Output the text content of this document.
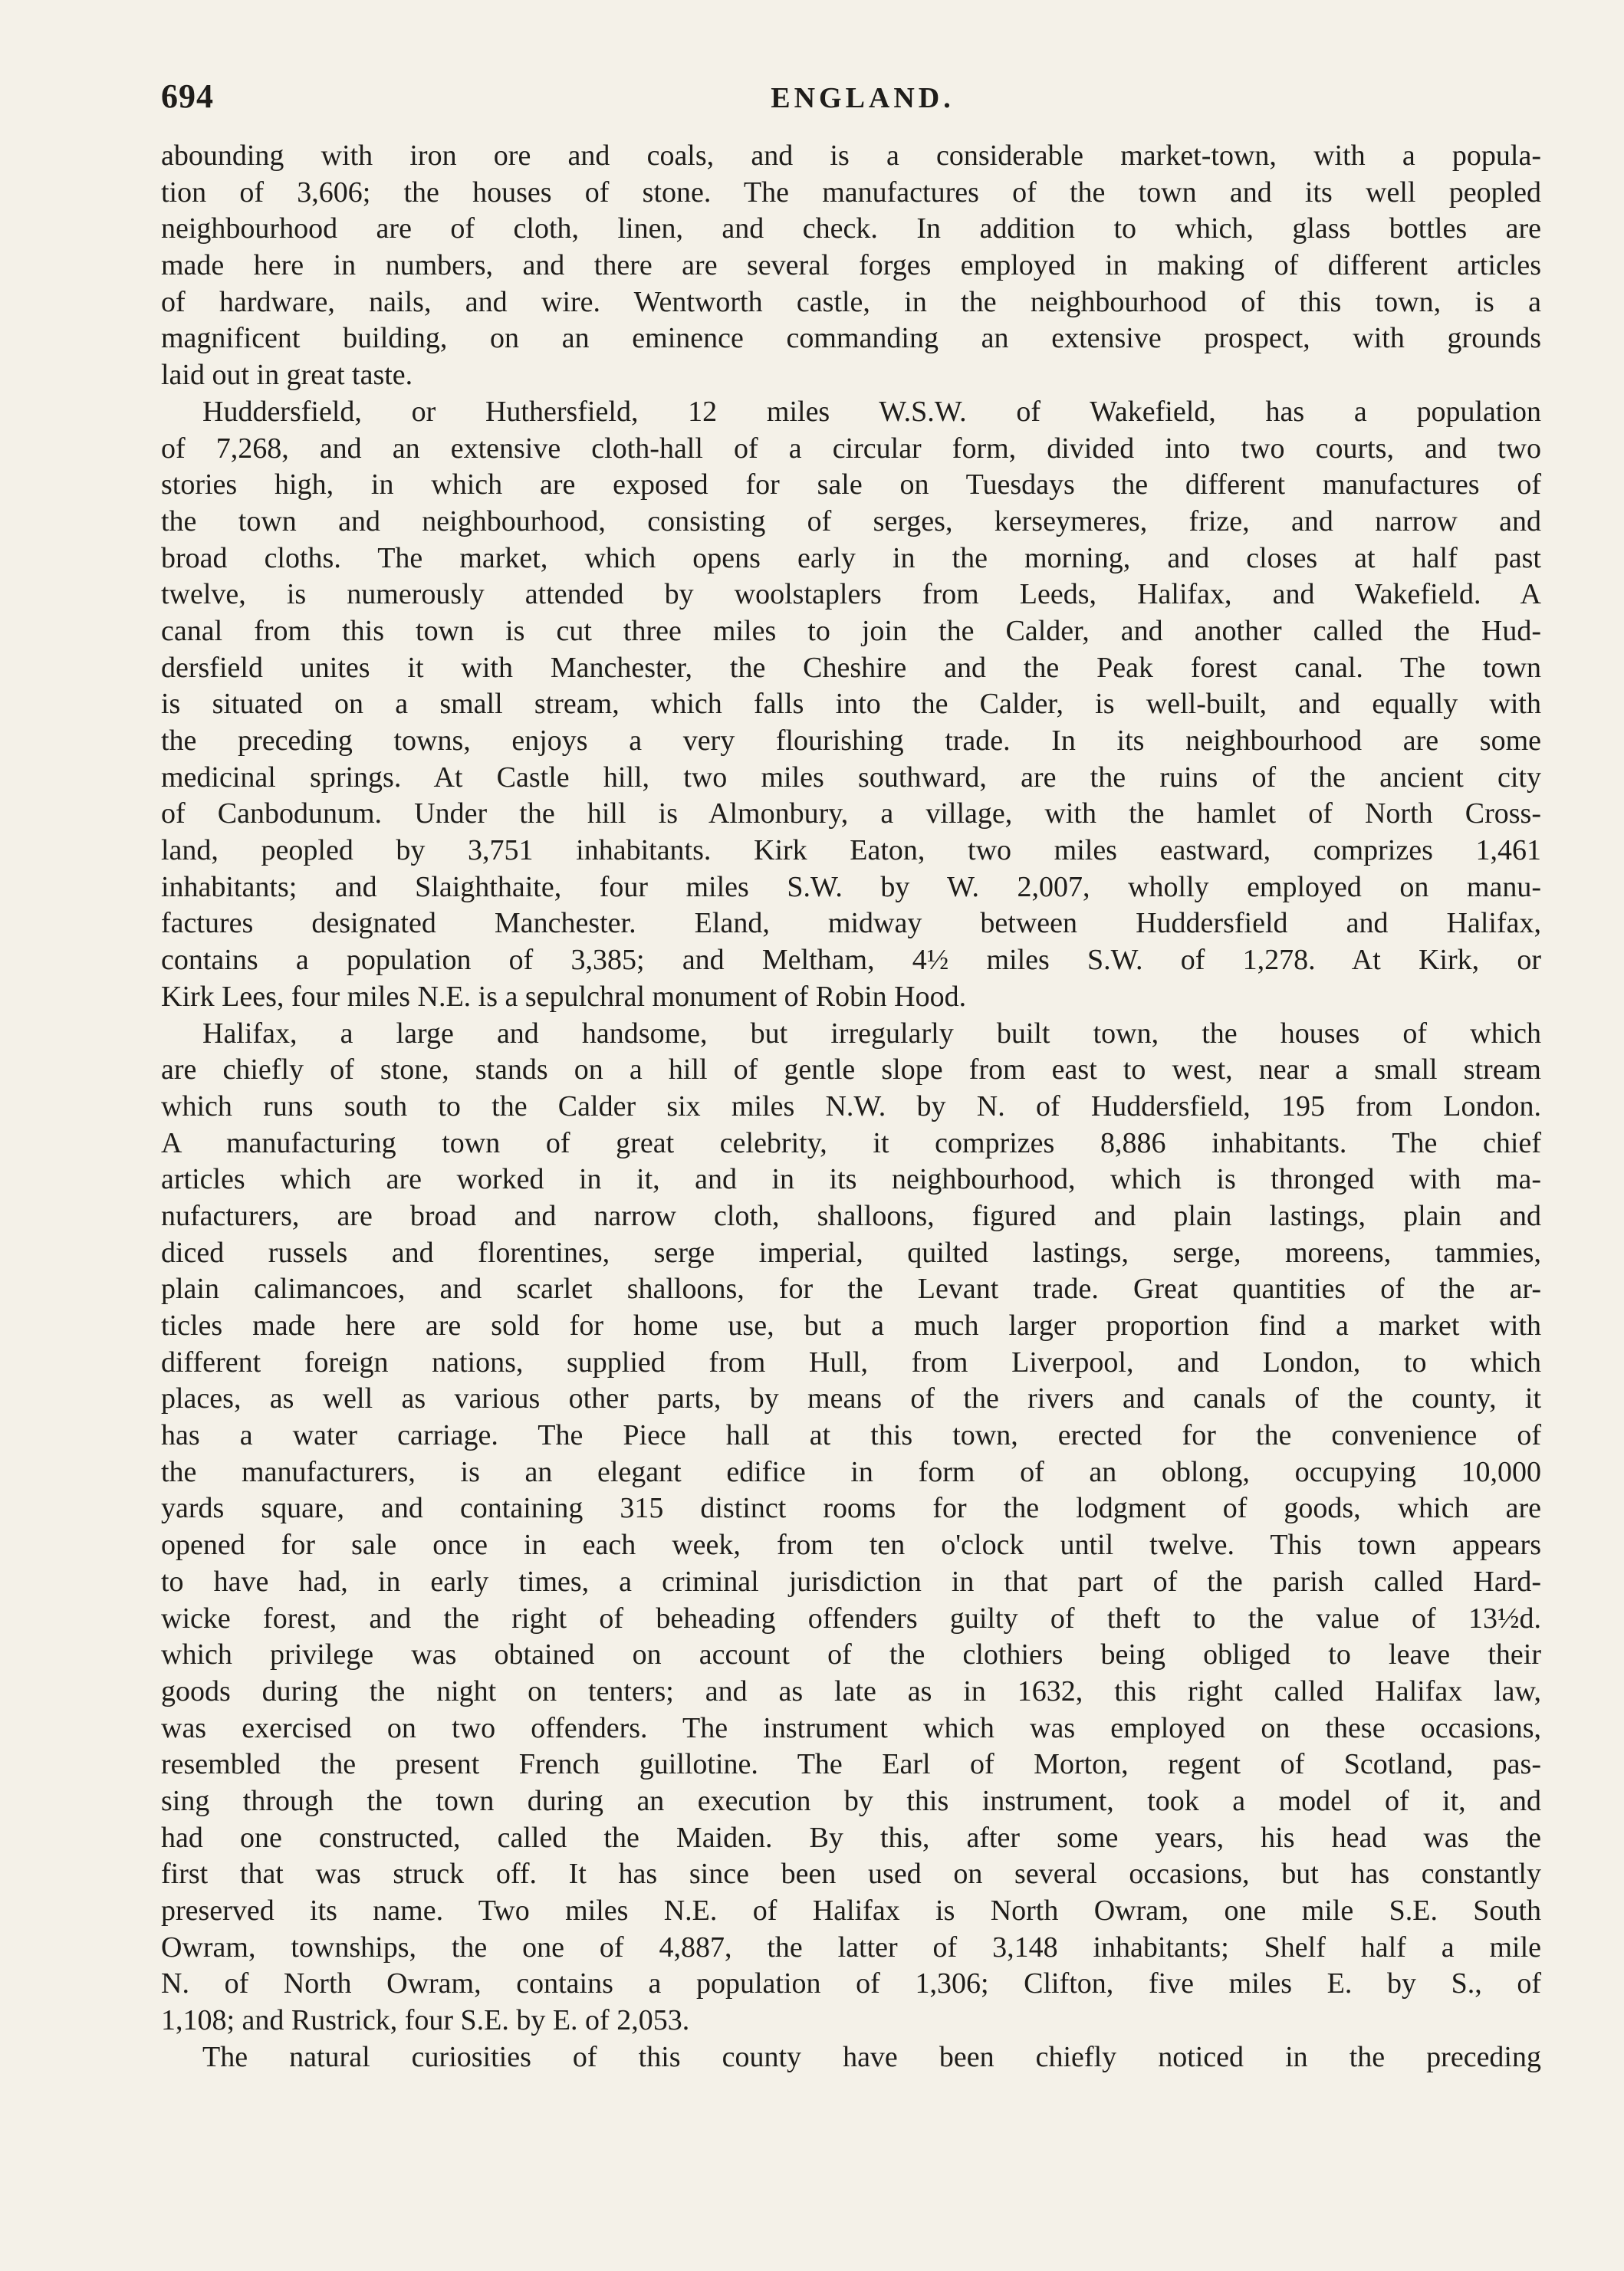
694	ENGLAND.
abounding with iron ore and coals, and is a considerable market-town, with a popula-
tion of 3,606; the houses of stone. The manufactures of the town and its well peopled
neighbourhood are of cloth, linen, and check. In addition to which, glass bottles are
made here in numbers, and there are several forges employed in making of different articles
of hardware, nails, and wire. Wentworth castle, in the neighbourhood of this town, is a
magnificent building, on an eminence commanding an extensive prospect, with grounds
laid out in great taste.
Huddersfield, or Huthersfield, 12 miles W.S.W. of Wakefield, has a population
of 7,268, and an extensive cloth-hall of a circular form, divided into two courts, and two
stories high, in which are exposed for sale on Tuesdays the different manufactures of
the town and neighbourhood, consisting of serges, kerseymeres, frize, and narrow and
broad cloths. The market, which opens early in the morning, and closes at half past
twelve, is numerously attended by woolstaplers from Leeds, Halifax, and Wakefield. A
canal from this town is cut three miles to join the Calder, and another called the Hud-
dersfield unites it with Manchester, the Cheshire and the Peak forest canal. The town
is situated on a small stream, which falls into the Calder, is well-built, and equally with
the preceding towns, enjoys a very flourishing trade. In its neighbourhood are some
medicinal springs. At Castle hill, two miles southward, are the ruins of the ancient city
of Canbodunum. Under the hill is Almonbury, a village, with the hamlet of North Cross-
land, peopled by 3,751 inhabitants. Kirk Eaton, two miles eastward, comprizes 1,461
inhabitants; and Slaighthaite, four miles S.W. by W. 2,007, wholly employed on manu-
factures designated Manchester. Eland, midway between Huddersfield and Halifax,
contains a population of 3,385; and Meltham, 4½ miles S.W. of 1,278. At Kirk, or
Kirk Lees, four miles N.E. is a sepulchral monument of Robin Hood.
Halifax, a large and handsome, but irregularly built town, the houses of which
are chiefly of stone, stands on a hill of gentle slope from east to west, near a small stream
which runs south to the Calder six miles N.W. by N. of Huddersfield, 195 from London.
A manufacturing town of great celebrity, it comprizes 8,886 inhabitants. The chief
articles which are worked in it, and in its neighbourhood, which is thronged with ma-
nufacturers, are broad and narrow cloth, shalloons, figured and plain lastings, plain and
diced russels and florentines, serge imperial, quilted lastings, serge, moreens, tammies,
plain calimancoes, and scarlet shalloons, for the Levant trade. Great quantities of the ar-
ticles made here are sold for home use, but a much larger proportion find a market with
different foreign nations, supplied from Hull, from Liverpool, and London, to which
places, as well as various other parts, by means of the rivers and canals of the county, it
has a water carriage. The Piece hall at this town, erected for the convenience of
the manufacturers, is an elegant edifice in form of an oblong, occupying 10,000
yards square, and containing 315 distinct rooms for the lodgment of goods, which are
opened for sale once in each week, from ten o'clock until twelve. This town appears
to have had, in early times, a criminal jurisdiction in that part of the parish called Hard-
wicke forest, and the right of beheading offenders guilty of theft to the value of 13½d.
which privilege was obtained on account of the clothiers being obliged to leave their
goods during the night on tenters; and as late as in 1632, this right called Halifax law,
was exercised on two offenders. The instrument which was employed on these occasions,
resembled the present French guillotine. The Earl of Morton, regent of Scotland, pas-
sing through the town during an execution by this instrument, took a model of it, and
had one constructed, called the Maiden. By this, after some years, his head was the
first that was struck off. It has since been used on several occasions, but has constantly
preserved its name. Two miles N.E. of Halifax is North Owram, one mile S.E. South
Owram, townships, the one of 4,887, the latter of 3,148 inhabitants; Shelf half a mile
N. of North Owram, contains a population of 1,306; Clifton, five miles E. by S., of
1,108; and Rustrick, four S.E. by E. of 2,053.
The natural curiosities of this county have been chiefly noticed in the preceding
